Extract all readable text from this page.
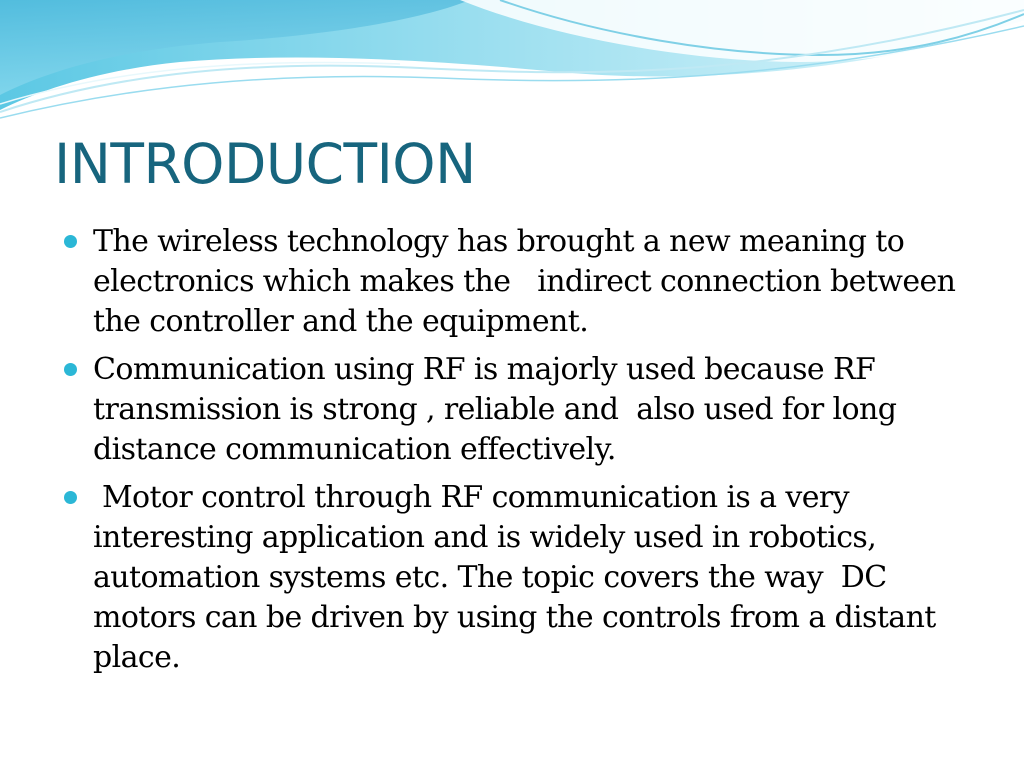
INTRODUCTION
The wireless technology has brought a new meaning to electronics which makes the   indirect connection between the controller and the equipment.
Communication using RF is majorly used because RF transmission is strong , reliable and  also used for long distance communication effectively.
Motor control through RF communication is a very interesting application and is widely used in robotics, automation systems etc. The topic covers the way  DC motors can be driven by using the controls from a distant place.
